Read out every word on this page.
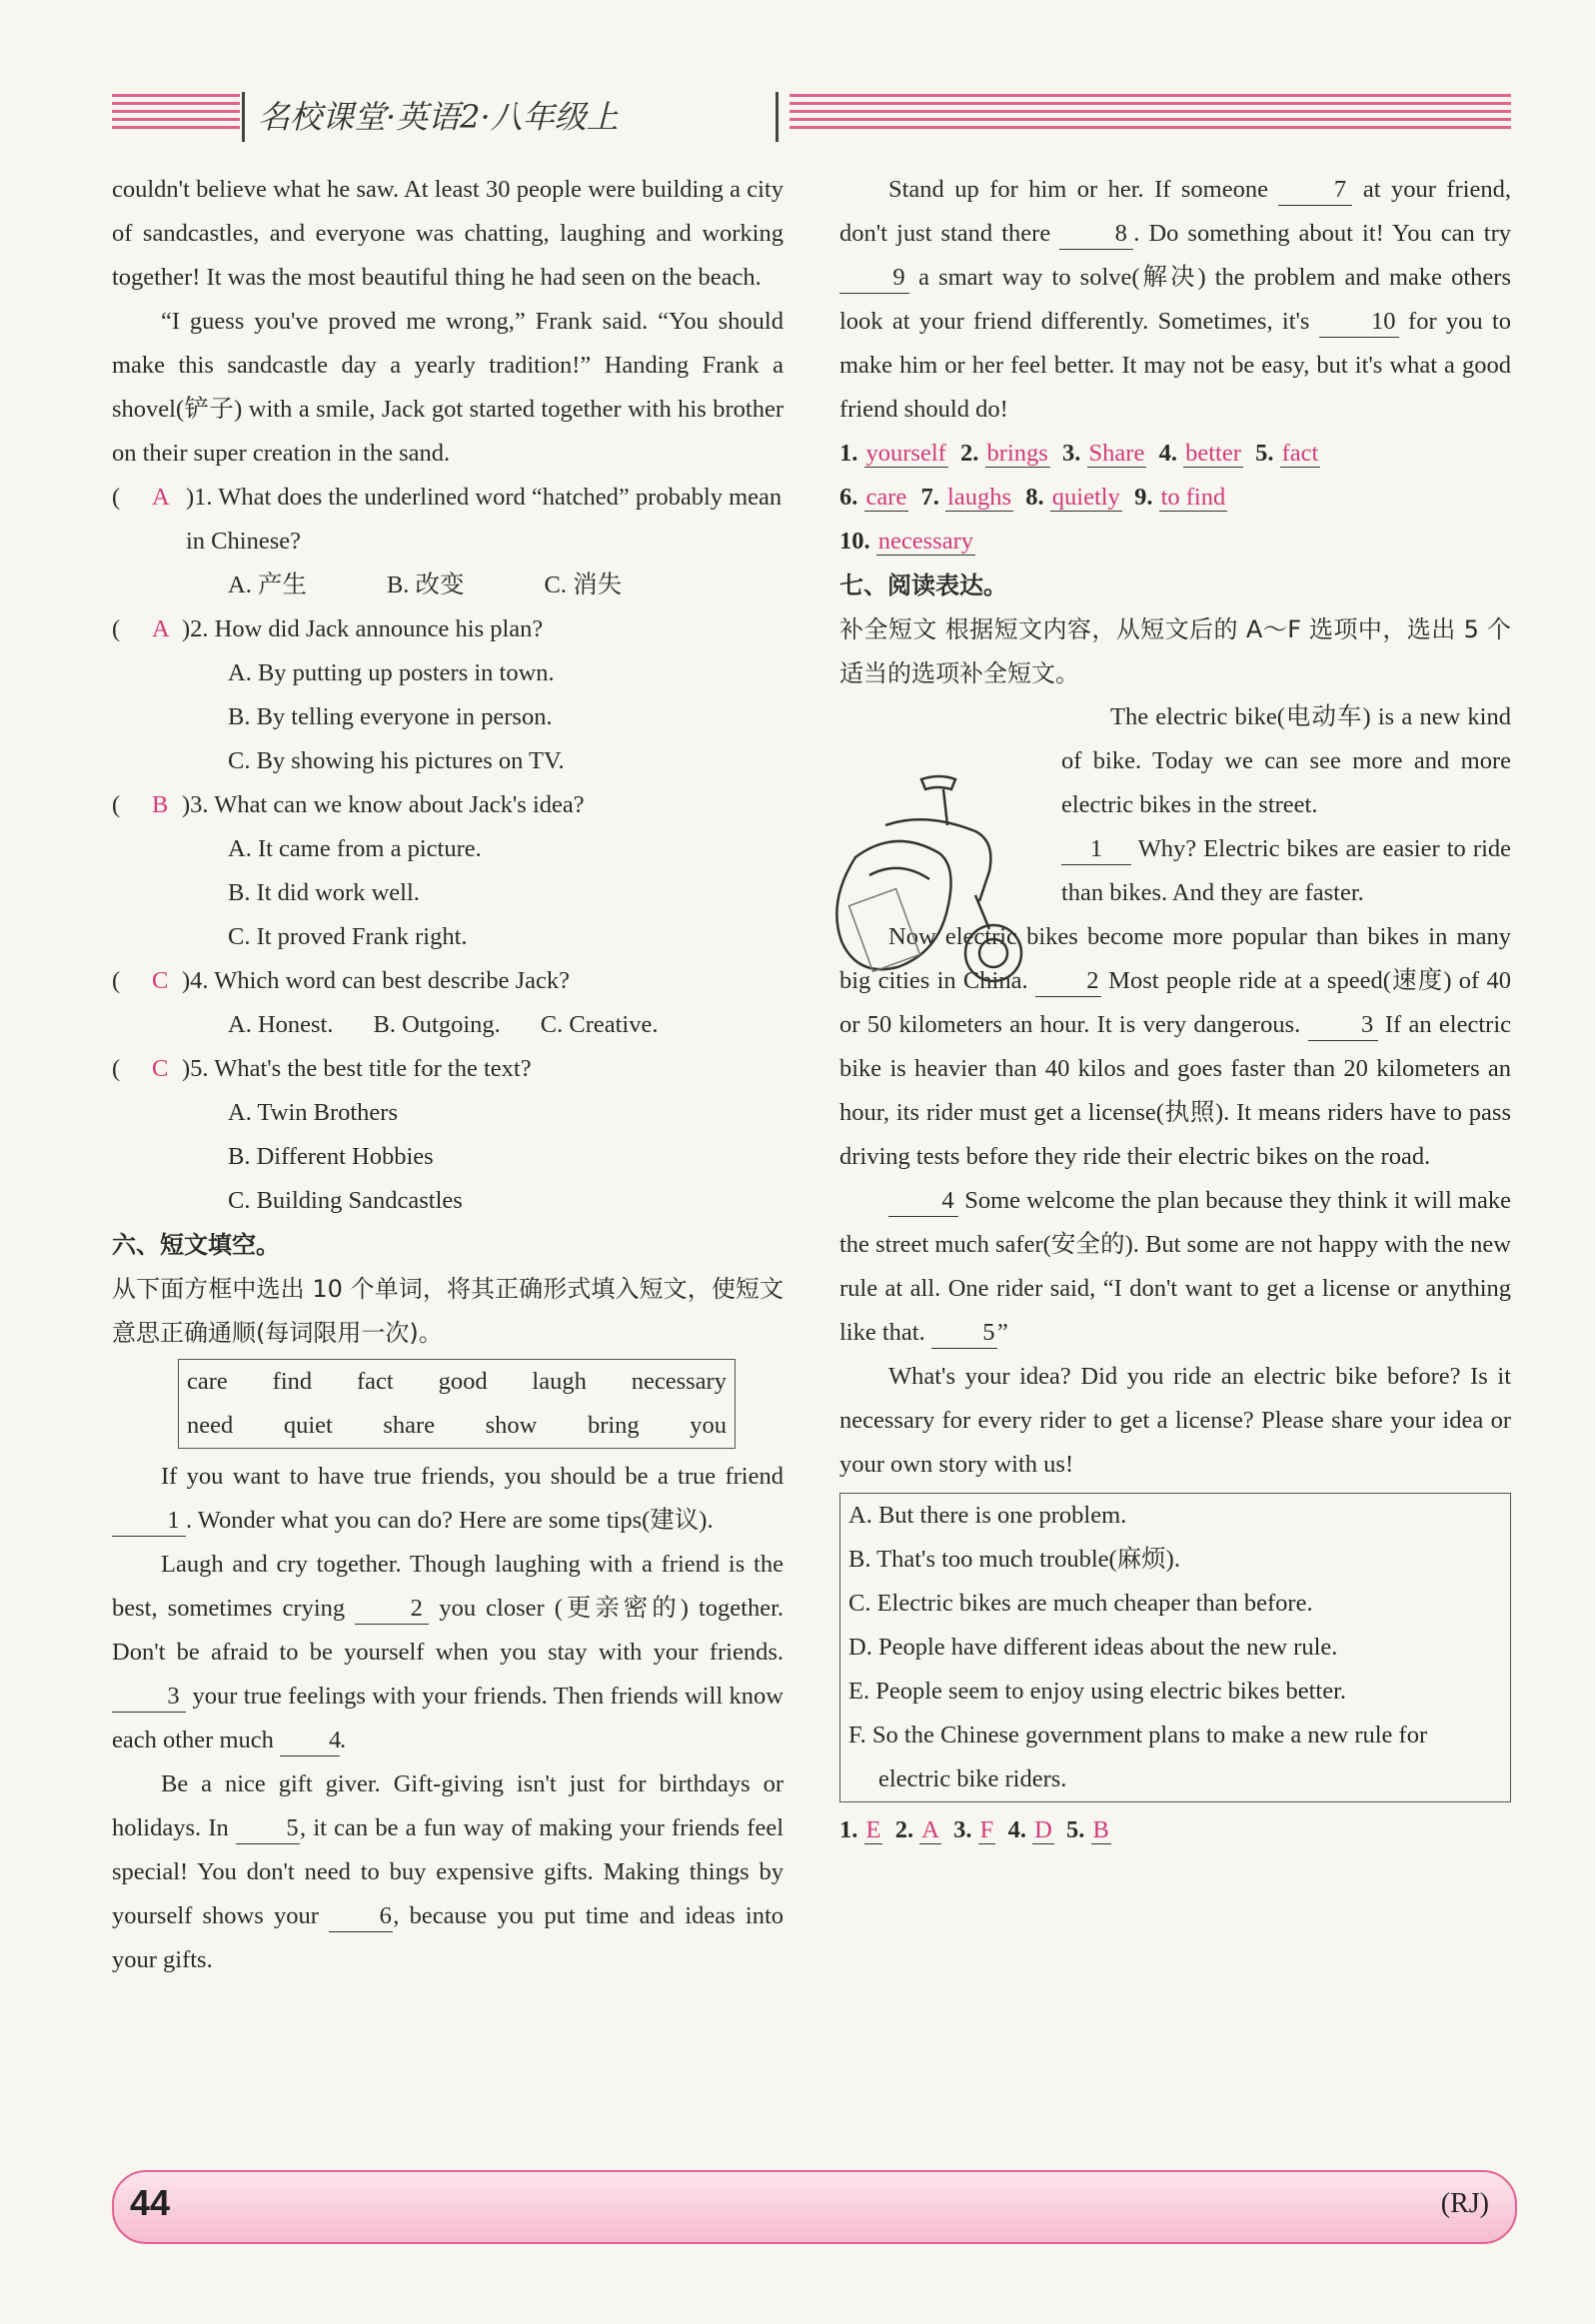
名校课堂·英语2·八年级上

couldn't believe what he saw. At least 30 people were building a city of sandcastles, and everyone was chatting, laughing and working together! It was the most beautiful thing he had seen on the beach.

“I guess you've proved me wrong,” Frank said. “You should make this sandcastle day a yearly tradition!” Handing Frank a shovel(铲子) with a smile, Jack got started together with his brother on their super creation in the sand.

(	A )1. What does the underlined word “hatched” probably mean in Chinese?
A. 产生	B. 改变	C. 消失
(	A )2. How did Jack announce his plan?
A. By putting up posters in town.
B. By telling everyone in person.
C. By showing his pictures on TV.
(	B )3. What can we know about Jack's idea?
A. It came from a picture.
B. It did work well.
C. It proved Frank right.
(	C )4. Which word can best describe Jack?
A. Honest. B. Outgoing. C. Creative.
(	C )5. What's the best title for the text?
A. Twin Brothers
B. Different Hobbies
C. Building Sandcastles
六、短文填空。

从下面方框中选出 10 个单词，将其正确形式填入短文，使短文意思正确通顺(每词限用一次)。

care find fact good laugh necessary
need quiet share show bring you

If you want to have true friends, you should be a true friend 1 . Wonder what you can do? Here are some tips(建议).

Laugh and cry together. Though laughing with a friend is the best, sometimes crying	2 you closer (更亲密的) together. Don't be afraid to be yourself when you stay with your friends. 3 your true feelings with your friends. Then friends will know each other much 4.

Be a nice gift giver. Gift-giving isn't just for birthdays or holidays. In 5, it can be a fun way of making your friends feel special! You don't need to buy expensive gifts. Making things by yourself shows your 6, because you put time and ideas into your gifts.

Stand up for him or her. If someone	7 at your friend, don't just stand there	8 . Do something about it! You can try 9 a smart way to solve(解决) the problem and make others look at your friend differently. Sometimes, it's	10 for you to make him or her feel better. It may not be easy, but it's what a good friend should do!

1. yourself  2. brings  3. Share  4. better  5. fact
6. care  7. laughs  8. quietly  9. to find
10. necessary
七、阅读表达。

补全短文 根据短文内容，从短文后的 A～F 选项中，选出 5 个适当的选项补全短文。

The electric bike(电动车) is a new kind of bike. Today we can see more and more electric bikes in the street.

1 Why? Electric bikes are easier to ride than bikes. And they are faster.

Now electric bikes become more popular than bikes in many big cities in China. 2 Most people ride at a speed(速度) of 40 or 50 kilometers an hour. It is very dangerous. 3 If an electric bike is heavier than 40 kilos and goes faster than 20 kilometers an hour, its rider must get a license(执照). It means riders have to pass driving tests before they ride their electric bikes on the road.

4 Some welcome the plan because they think it will make the street much safer(安全的). But some are not happy with the new rule at all. One rider said, “I don't want to get a license or anything like that. 5”

What's your idea? Did you ride an electric bike before? Is it necessary for every rider to get a license? Please share your idea or your own story with us!

A. But there is one problem.
B. That's too much trouble(麻烦).
C. Electric bikes are much cheaper than before.
D. People have different ideas about the new rule.
E. People seem to enjoy using electric bikes better.
F. So the Chinese government plans to make a new rule for electric bike riders.
1. E  2. A  3. F  4. D  5. B
44	(RJ)
